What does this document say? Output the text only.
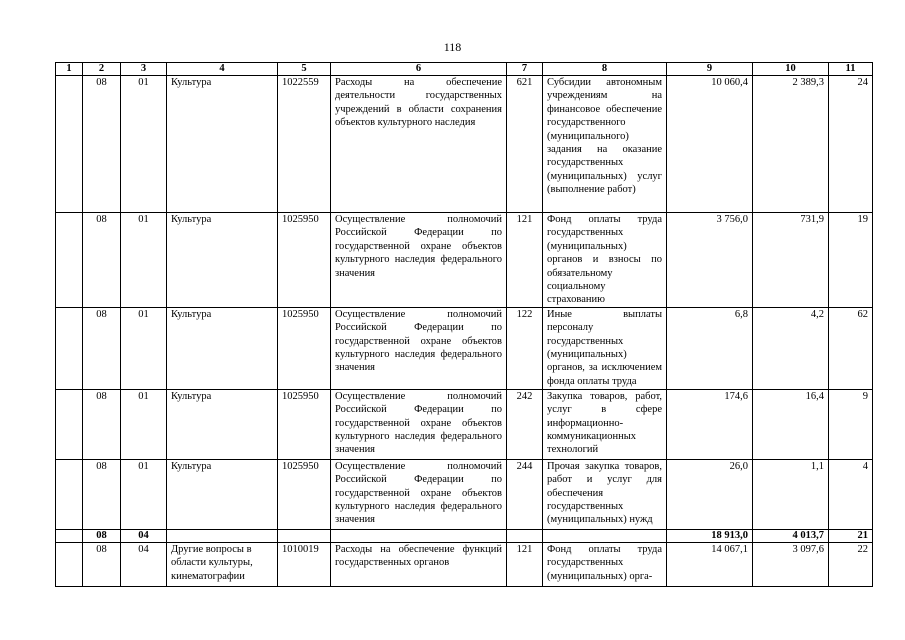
118
1	2	3	4	5	6	7	8	9	10	11
	08	01	Культура	1022559	Расходы на обеспечение деятельности государственных учреждений в области сохранения объектов культурного наследия	621	Субсидии автономным учреждениям на финансовое обеспечение государственного (муниципального) задания на оказание государственных (муниципальных) услуг (выполнение работ)	10 060,4	2 389,3	24
	08	01	Культура	1025950	Осуществление полномочий Российской Федерации по государственной охране объектов культурного наследия федерального значения	121	Фонд оплаты труда государственных (муниципальных) органов и взносы по обязательному социальному страхованию	3 756,0	731,9	19
	08	01	Культура	1025950	Осуществление полномочий Российской Федерации по государственной охране объектов культурного наследия федерального значения	122	Иные выплаты персоналу государственных (муниципальных) органов, за исключением фонда оплаты труда	6,8	4,2	62
	08	01	Культура	1025950	Осуществление полномочий Российской Федерации по государственной охране объектов культурного наследия федерального значения	242	Закупка товаров, работ, услуг в сфере информационно-коммуникационных технологий	174,6	16,4	9
	08	01	Культура	1025950	Осуществление полномочий Российской Федерации по государственной охране объектов культурного наследия федерального значения	244	Прочая закупка товаров, работ и услуг для обеспечения государственных (муниципальных) нужд	26,0	1,1	4
	08	04						18 913,0	4 013,7	21
	08	04	Другие вопросы в области культуры, кинематографии	1010019	Расходы на обеспечение функций государственных органов	121	Фонд оплаты труда государственных (муниципальных) орга-	14 067,1	3 097,6	22
